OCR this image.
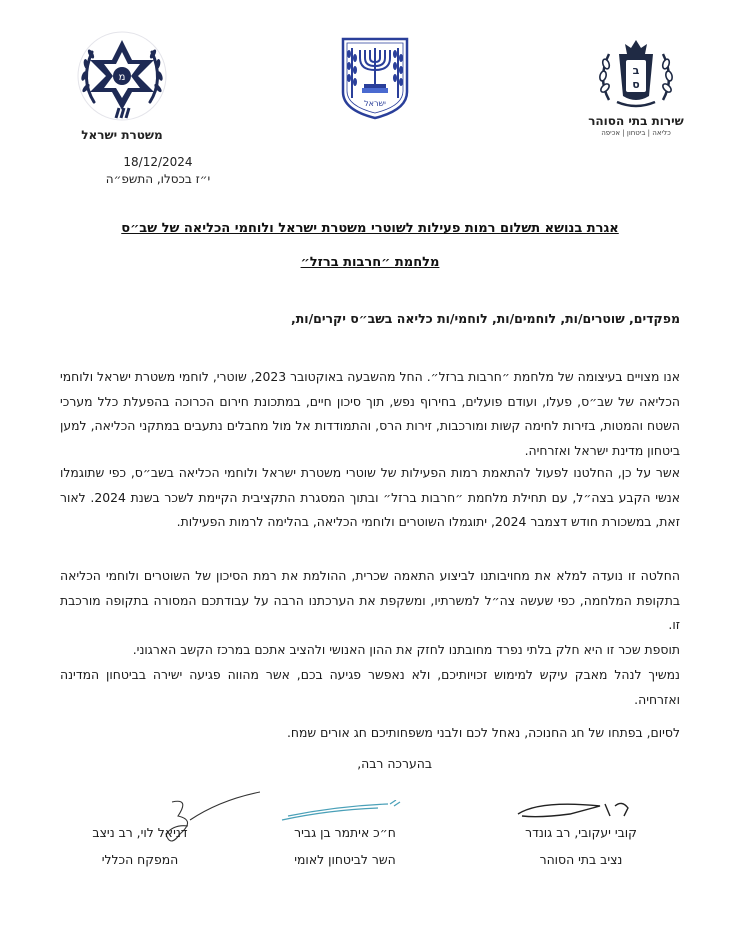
מ
משטרת ישראל
ישראל
ב
ס
שירות בתי הסוהר
כליאה | ביטחון | אכיפה
18/12/2024
י״ז בכסלו, התשפ״ה
אגרת בנושא תשלום רמות פעילות לשוטרי משטרת ישראל ולוחמי הכליאה של שב״ס
מלחמת ״חרבות ברזל״
מפקדים, שוטרים/ות, לוחמים/ות, לוחמי/ות כליאה בשב״ס יקרים/ות,

אנו מצויים בעיצומה של מלחמת ״חרבות ברזל״. החל מהשבעה באוקטובר 2023, שוטרי, לוחמי משטרת ישראל ולוחמי הכליאה של שב״ס, פעלו, ועודם פועלים, בחירוף נפש, תוך סיכון חיים, במתכונת חירום הכרוכה בהפעלת כלל מערכי השטח והמטות, בזירות לחימה קשות ומורכבות, זירות הרס, והתמודדות אל מול מחבלים נתעבים במתקני הכליאה, למען ביטחון מדינת ישראל ואזרחיה.

אשר על כן, החלטנו לפעול להתאמת רמות הפעילות של שוטרי משטרת ישראל ולוחמי הכליאה בשב״ס, כפי שתוגמלו אנשי הקבע בצה״ל, עם תחילת מלחמת ״חרבות ברזל״ ובתוך המסגרת התקציבית הקיימת לשכר בשנת 2024. לאור זאת, במשכורת חודש דצמבר 2024, יתוגמלו השוטרים ולוחמי הכליאה, בהלימה לרמות הפעילות.

החלטה זו נועדה למלא את מחויבותנו לביצוע התאמה שכרית, ההולמת את רמת הסיכון של השוטרים ולוחמי הכליאה בתקופת המלחמה, כפי שעשה צה״ל למשרתיו, ומשקפת את הערכתנו הרבה על עבודתכם המסורה בתקופה מורכבת זו.

תוספת שכר זו היא חלק בלתי נפרד מחובתנו לחזק את ההון האנושי ולהציב אתכם במרכז הקשב הארגוני.

נמשיך לנהל מאבק עיקש למימוש זכויותיכם, ולא נאפשר פגיעה בכם, אשר מהווה פגיעה ישירה בביטחון המדינה ואזרחיה.

לסיום, בפתחו של חג החנוכה, נאחל לכם ולבני משפחותיכם חג אורים שמח.

בהערכה רבה,
קובי יעקובי, רב גונדר
נציב בתי הסוהר
ח״כ איתמר בן גביר
השר לביטחון לאומי
דניאל לוי, רב ניצב
המפקח הכללי
